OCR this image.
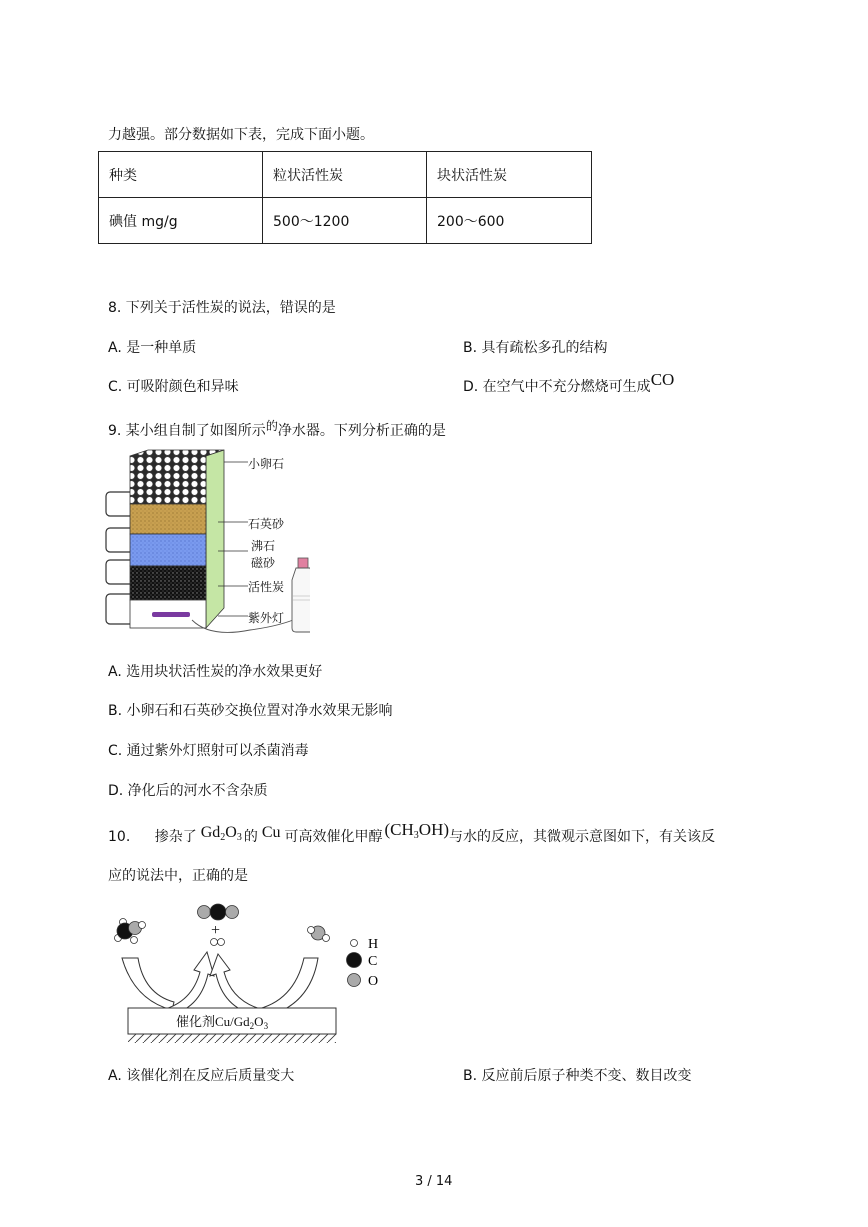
力越强。部分数据如下表，完成下面小题。
种类	粒状活性炭	块状活性炭
碘值 mg/g	500～1200	200～600
8. 下列关于活性炭的说法，错误的是
A. 是一种单质	B. 具有疏松多孔的结构
C. 可吸附颜色和异味	D. 在空气中不充分燃烧可生成CO
9. 某小组自制了如图所示的净水器。下列分析正确的是
小卵石
石英砂
沸石
磁砂
活性炭
紫外灯
A. 选用块状活性炭的净水效果更好
B. 小卵石和石英砂交换位置对净水效果无影响
C. 通过紫外灯照射可以杀菌消毒
D. 净化后的河水不含杂质
10. 掺杂了 $Gd_2O_3$ 的 Cu 可高效催化甲醇 $(CH_3OH)$与水的反应，其微观示意图如下，有关该反
应的说法中，正确的是
+
H
C
O
催化剂$Cu/Gd_2O_3$
A. 该催化剂在反应后质量变大	B. 反应前后原子种类不变、数目改变
3 / 14
